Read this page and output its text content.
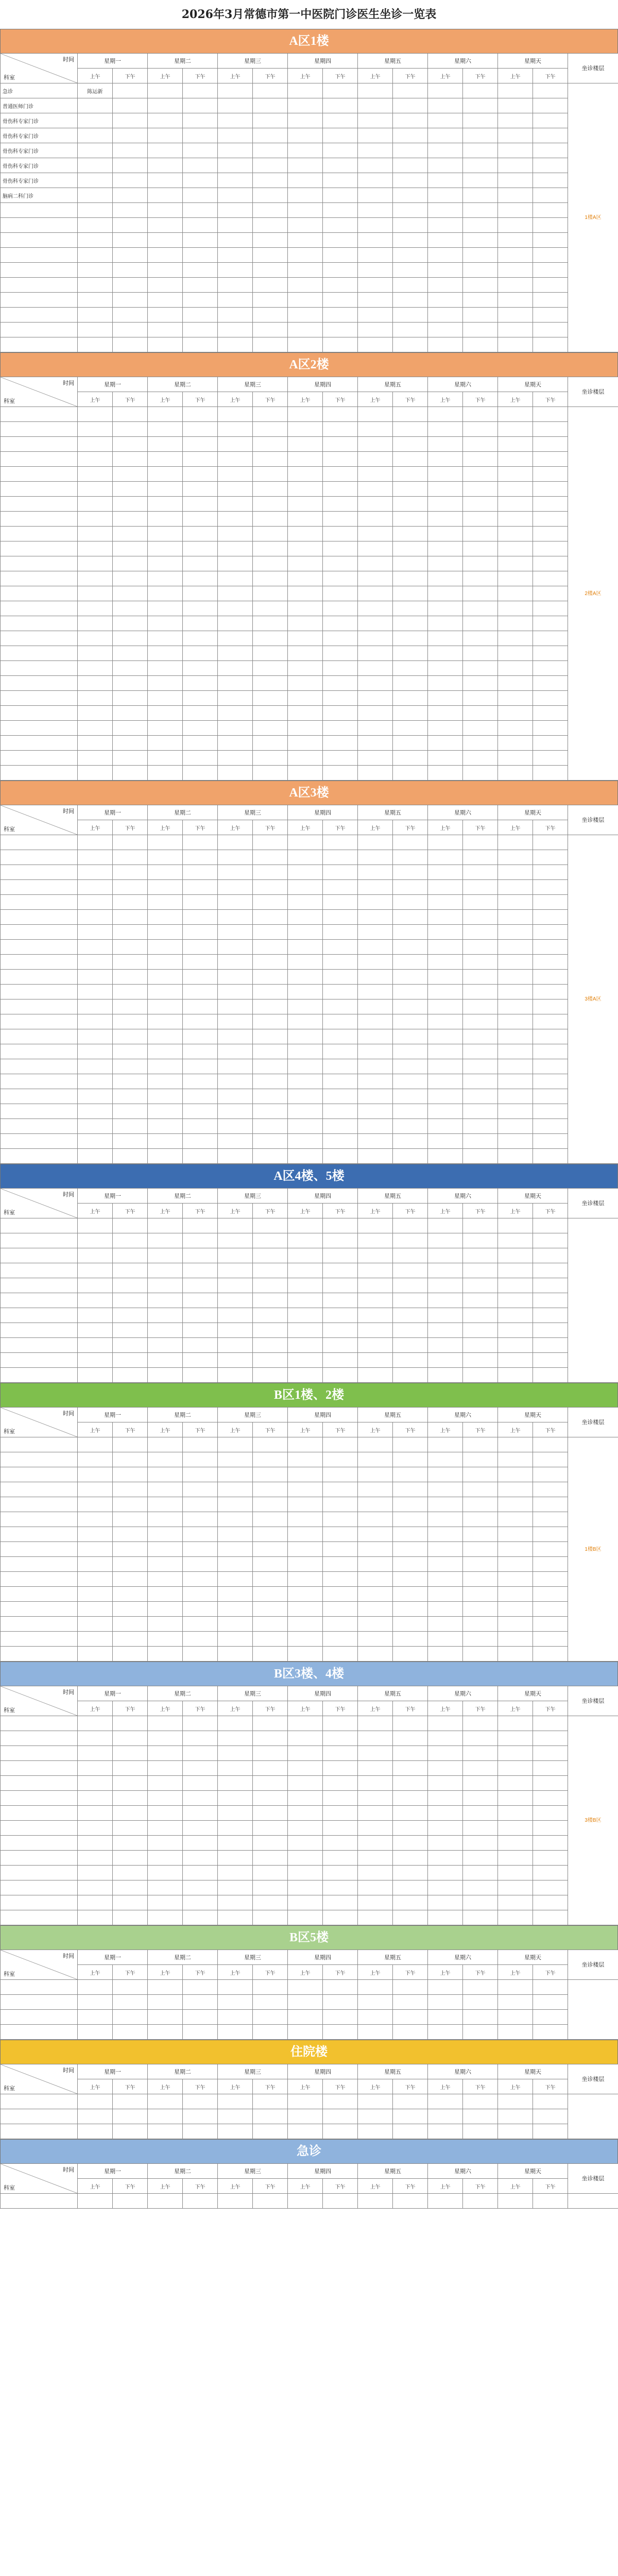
2026年3月常德市第一中医院门诊医生坐诊一览表
A区1楼
时间
科室	星期一		星期二		星期三		星期四		星期五		星期六		星期天		坐诊楼层
	上午	下午	上午	下午	上午	下午	上午	下午	上午	下午	上午	下午	上午	下午	
急诊	陈运新														1楼A区
普通医师门诊															
骨伤科专家门诊															
骨伤科专家门诊															
骨伤科专家门诊															
骨伤科专家门诊															
骨伤科专家门诊															
脑病二科门诊															

A区2楼
时间
科室	星期一		星期二		星期三		星期四		星期五		星期六		星期天		坐诊楼层
	上午	下午	上午	下午	上午	下午	上午	下午	上午	下午	上午	下午	上午	下午	
															2楼A区

A区3楼
时间
科室	星期一		星期二		星期三		星期四		星期五		星期六		星期天		坐诊楼层
	上午	下午	上午	下午	上午	下午	上午	下午	上午	下午	上午	下午	上午	下午	
															3楼A区

A区4楼、5楼
时间
科室	星期一		星期二		星期三		星期四		星期五		星期六		星期天		坐诊楼层
	上午	下午	上午	下午	上午	下午	上午	下午	上午	下午	上午	下午	上午	下午	

B区1楼、2楼
时间
科室	星期一		星期二		星期三		星期四		星期五		星期六		星期天		坐诊楼层
	上午	下午	上午	下午	上午	下午	上午	下午	上午	下午	上午	下午	上午	下午	
															1楼B区

B区3楼、4楼
时间
科室	星期一		星期二		星期三		星期四		星期五		星期六		星期天		坐诊楼层
	上午	下午	上午	下午	上午	下午	上午	下午	上午	下午	上午	下午	上午	下午	
															3楼B区

B区5楼
时间
科室	星期一		星期二		星期三		星期四		星期五		星期六		星期天		坐诊楼层
	上午	下午	上午	下午	上午	下午	上午	下午	上午	下午	上午	下午	上午	下午	

住院楼
时间
科室	星期一		星期二		星期三		星期四		星期五		星期六		星期天		坐诊楼层
	上午	下午	上午	下午	上午	下午	上午	下午	上午	下午	上午	下午	上午	下午	

急诊
时间
科室	星期一		星期二		星期三		星期四		星期五		星期六		星期天		坐诊楼层
	上午	下午	上午	下午	上午	下午	上午	下午	上午	下午	上午	下午	上午	下午	
